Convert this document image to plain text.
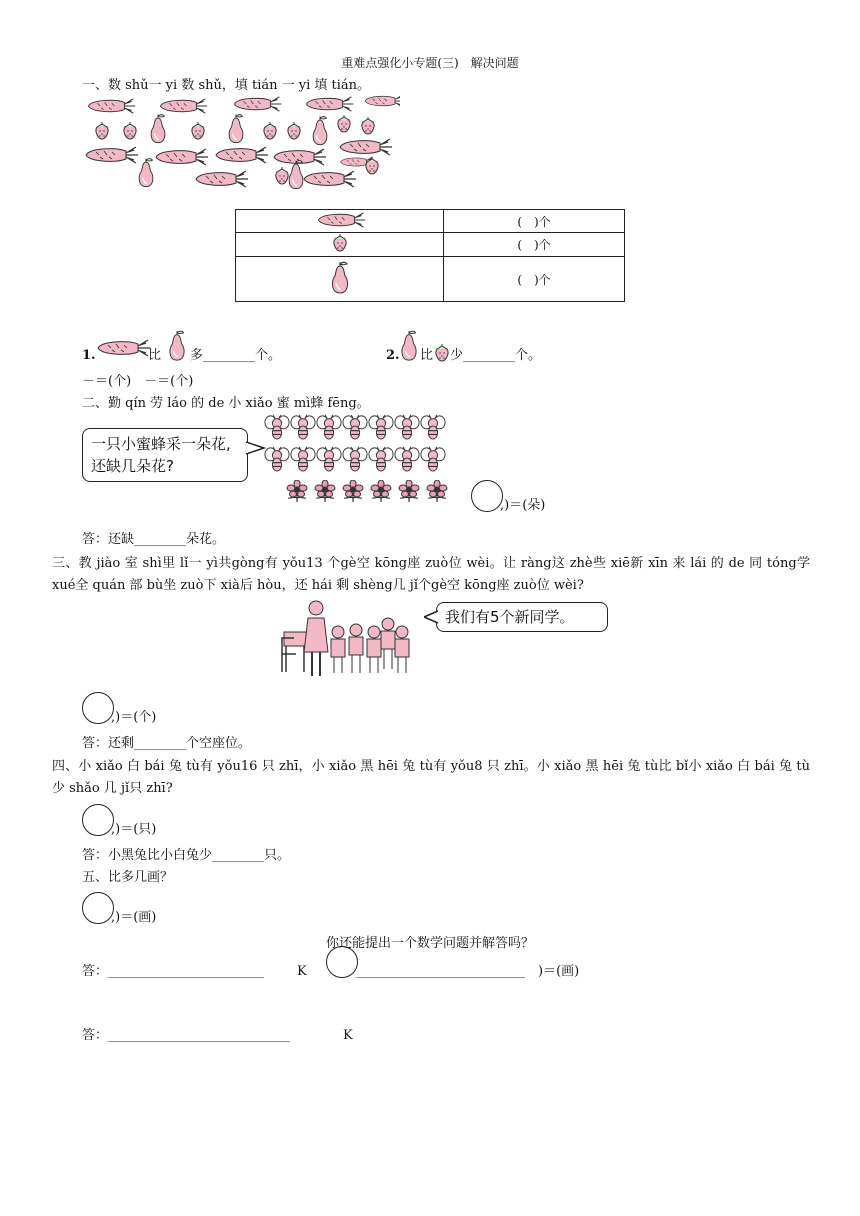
重难点强化小专题(三)　解决问题
一、数 shǔ一 yi 数 shǔ，填 tián 一 yi 填 tián。
	(　)个
	(　)个
	(　)个
1.	比 多________个。	2. 比 少________个。
－＝(个)　－＝(个)
二、勤 qín 劳 láo 的 de 小 xiǎo 蜜 mì蜂 fēng。
一只小蜜蜂采一朵花,还缺几朵花?
,)＝(朵)
答：还缺________朵花。
三、教 jiào 室 shì里 lǐ一 yì共gòng有 yǒu13 个gè空 kōng座 zuò位 wèi。让 ràng这 zhè些 xiē新 xīn 来 lái 的 de 同 tóng学 xué全 quán 部 bù坐 zuò下 xià后 hòu，还 hái 剩 shèng几 jǐ个gè空 kōng座 zuò位 wèi?
我们有5个新同学。
,)＝(个)
答：还剩________个空座位。
四、小 xiǎo 白 bái 兔 tù有 yǒu16 只 zhī，小 xiǎo 黑 hēi 兔 tù有 yǒu8 只 zhī。小 xiǎo 黑 hēi 兔 tù比 bǐ小 xiǎo 白 bái 兔 tù少 shǎo 几 jǐ只 zhī?
,)＝(只)
答：小黑兔比小白兔少________只。
五、比多几画？
,)＝(画)
你还能提出一个数学问题并解答吗？
答：________________________	K	__________________________　)＝(画)
答：____________________________	K
